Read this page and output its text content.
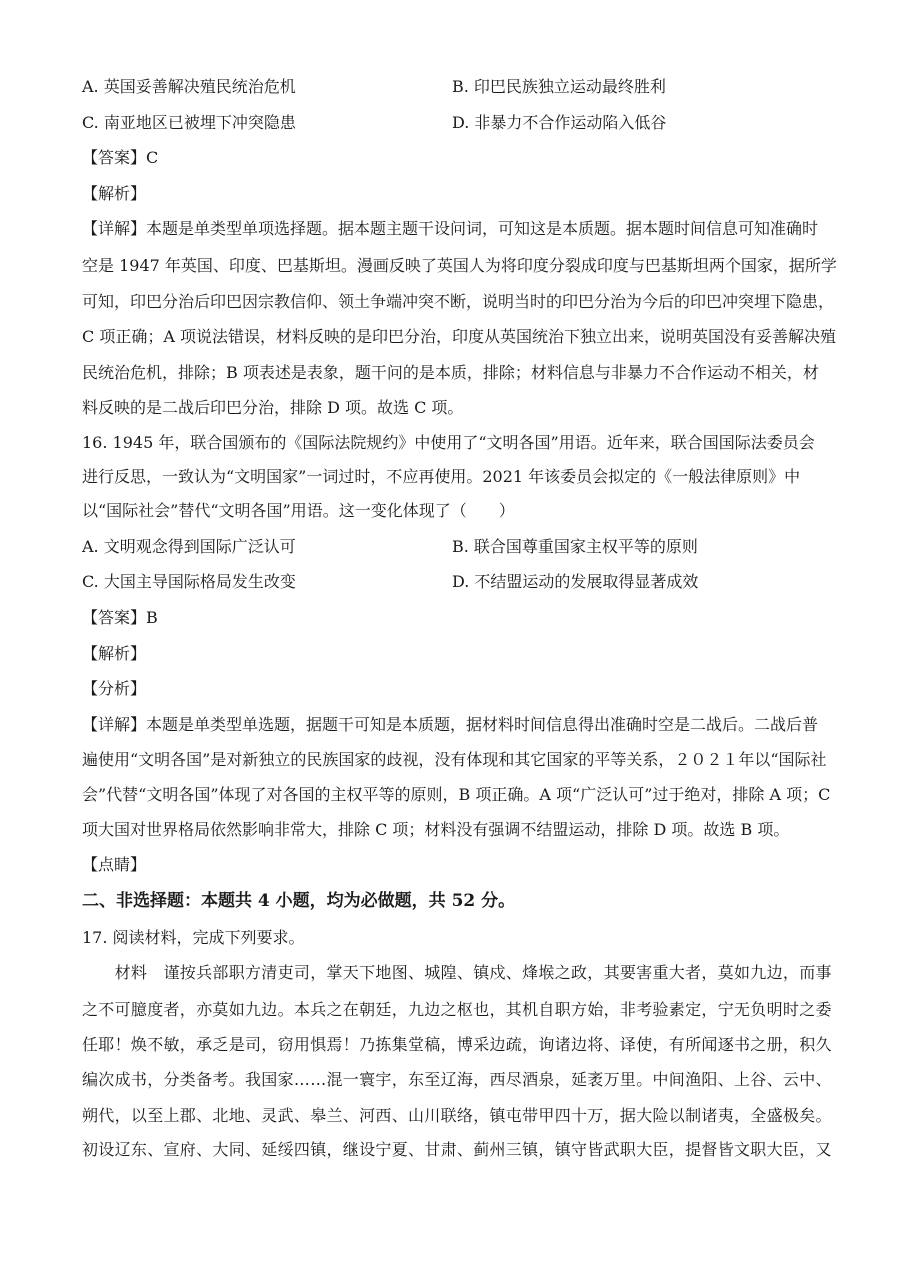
A. 英国妥善解决殖民统治危机	B. 印巴民族独立运动最终胜利
C. 南亚地区已被埋下冲突隐患	D. 非暴力不合作运动陷入低谷
【答案】C
【解析】
【详解】本题是单类型单项选择题。据本题主题干设问词，可知这是本质题。据本题时间信息可知准确时
空是 1947 年英国、印度、巴基斯坦。漫画反映了英国人为将印度分裂成印度与巴基斯坦两个国家，据所学
可知，印巴分治后印巴因宗教信仰、领土争端冲突不断，说明当时的印巴分治为今后的印巴冲突埋下隐患，
C 项正确；A 项说法错误，材料反映的是印巴分治，印度从英国统治下独立出来，说明英国没有妥善解决殖
民统治危机，排除；B 项表述是表象，题干问的是本质，排除；材料信息与非暴力不合作运动不相关，材
料反映的是二战后印巴分治，排除 D 项。故选 C 项。
16. 1945 年，联合国颁布的《国际法院规约》中使用了“文明各国”用语。近年来，联合国国际法委员会
进行反思，一致认为“文明国家”一词过时，不应再使用。2021 年该委员会拟定的《一般法律原则》中
以“国际社会”替代“文明各国”用语。这一变化体现了（　　）
A. 文明观念得到国际广泛认可	B. 联合国尊重国家主权平等的原则
C. 大国主导国际格局发生改变	D. 不结盟运动的发展取得显著成效
【答案】B
【解析】
【分析】
【详解】本题是单类型单选题，据题干可知是本质题，据材料时间信息得出准确时空是二战后。二战后普
遍使用“文明各国”是对新独立的民族国家的歧视，没有体现和其它国家的平等关系，２０２１年以“国际社
会”代替“文明各国”体现了对各国的主权平等的原则，B 项正确。A 项“广泛认可”过于绝对，排除 A 项；C
项大国对世界格局依然影响非常大，排除 C 项；材料没有强调不结盟运动，排除 D 项。故选 B 项。
【点睛】
二、非选择题：本题共 4 小题，均为必做题，共 52 分。
17. 阅读材料，完成下列要求。
　　材料　谨按兵部职方清吏司，掌天下地图、城隍、镇戍、烽堠之政，其要害重大者，莫如九边，而事
之不可臆度者，亦莫如九边。本兵之在朝廷，九边之枢也，其机自职方始，非考验素定，宁无负明时之委
任耶！焕不敏，承乏是司，窃用惧焉！乃拣集堂稿，博采边疏，询诸边将、译使，有所闻逐书之册，积久
编次成书，分类备考。我国家……混一寰宇，东至辽海，西尽酒泉，延袤万里。中间渔阳、上谷、云中、
朔代，以至上郡、北地、灵武、皋兰、河西、山川联络，镇屯带甲四十万，据大险以制诸夷，全盛极矣。
初设辽东、宣府、大同、延绥四镇，继设宁夏、甘肃、蓟州三镇，镇守皆武职大臣，提督皆文职大臣，又
